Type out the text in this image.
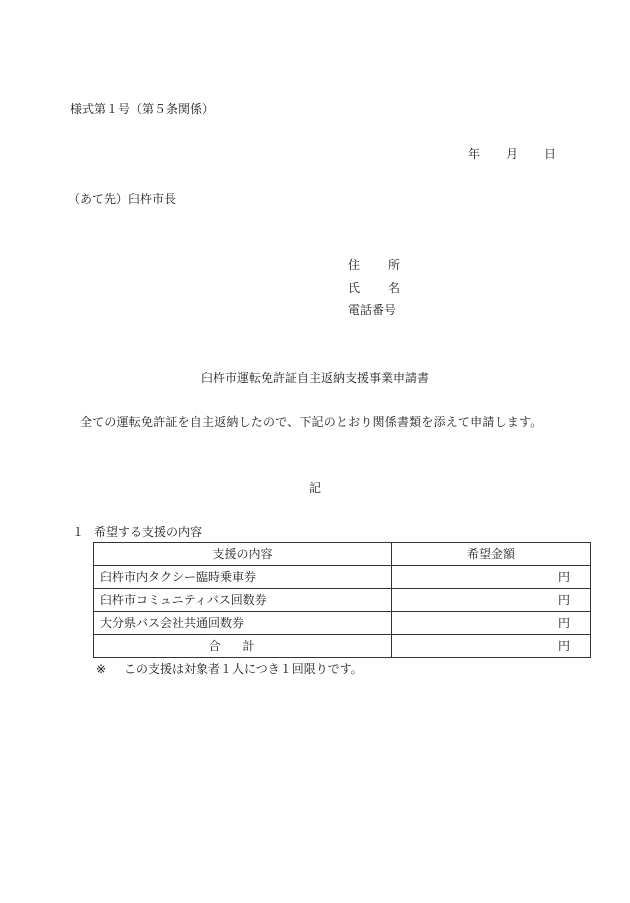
様式第１号（第５条関係）
年 月 日
（あて先）臼杵市長
住 所
氏 名
電話番号
臼杵市運転免許証自主返納支援事業申請書
全ての運転免許証を自主返納したので、下記のとおり関係書類を添えて申請します。
記
１ 希望する支援の内容
支援の内容	希望金額
臼杵市内タクシー臨時乗車券	円
臼杵市コミュニティバス回数券	円
大分県バス会社共通回数券	円
合計	円
※ この支援は対象者１人につき１回限りです。
